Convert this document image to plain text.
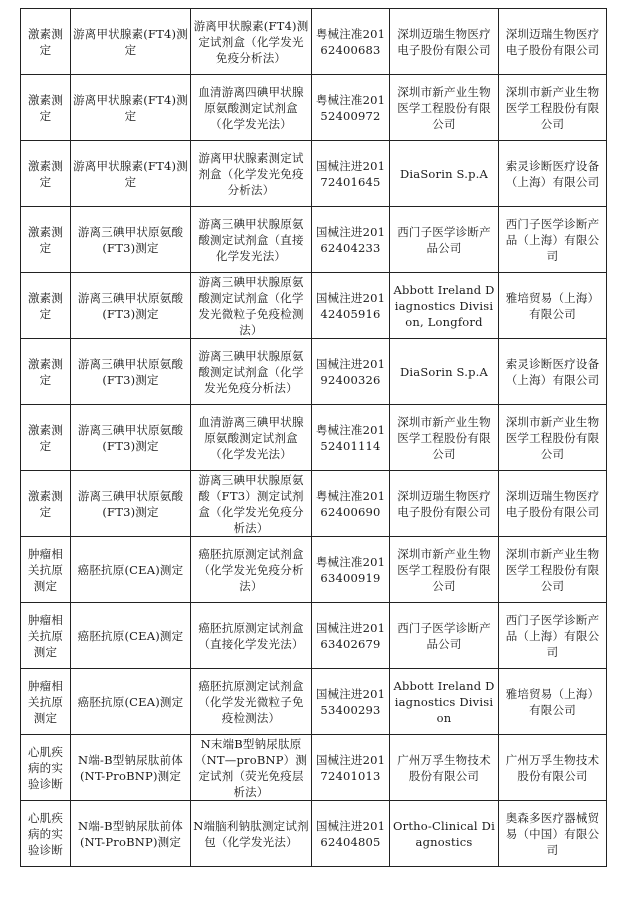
激素测定	游离甲状腺素(FT4)测定	游离甲状腺素(FT4)测定试剂盒（化学发光免疫分析法）	粤械注准20162400683	深圳迈瑞生物医疗电子股份有限公司	深圳迈瑞生物医疗电子股份有限公司
激素测定	游离甲状腺素(FT4)测定	血清游离四碘甲状腺原氨酸测定试剂盒（化学发光法）	粤械注准20152400972	深圳市新产业生物医学工程股份有限公司	深圳市新产业生物医学工程股份有限公司
激素测定	游离甲状腺素(FT4)测定	游离甲状腺素测定试剂盒（化学发光免疫分析法）	国械注进20172401645	DiaSorin S.p.A	索灵诊断医疗设备（上海）有限公司
激素测定	游离三碘甲状原氨酸(FT3)测定	游离三碘甲状腺原氨酸测定试剂盒（直接化学发光法）	国械注进20162404233	西门子医学诊断产品公司	西门子医学诊断产品（上海）有限公司
激素测定	游离三碘甲状原氨酸(FT3)测定	游离三碘甲状腺原氨酸测定试剂盒（化学发光微粒子免疫检测法）	国械注进20142405916	Abbott Ireland Diagnostics Division, Longford	雅培贸易（上海）有限公司
激素测定	游离三碘甲状原氨酸(FT3)测定	游离三碘甲状腺原氨酸测定试剂盒（化学发光免疫分析法）	国械注进20192400326	DiaSorin S.p.A	索灵诊断医疗设备（上海）有限公司
激素测定	游离三碘甲状原氨酸(FT3)测定	血清游离三碘甲状腺原氨酸测定试剂盒（化学发光法）	粤械注准20152401114	深圳市新产业生物医学工程股份有限公司	深圳市新产业生物医学工程股份有限公司
激素测定	游离三碘甲状原氨酸(FT3)测定	游离三碘甲状腺原氨酸（FT3）测定试剂盒（化学发光免疫分析法）	粤械注准20162400690	深圳迈瑞生物医疗电子股份有限公司	深圳迈瑞生物医疗电子股份有限公司
肿瘤相关抗原测定	癌胚抗原(CEA)测定	癌胚抗原测定试剂盒（化学发光免疫分析法）	粤械注准20163400919	深圳市新产业生物医学工程股份有限公司	深圳市新产业生物医学工程股份有限公司
肿瘤相关抗原测定	癌胚抗原(CEA)测定	癌胚抗原测定试剂盒（直接化学发光法）	国械注进20163402679	西门子医学诊断产品公司	西门子医学诊断产品（上海）有限公司
肿瘤相关抗原测定	癌胚抗原(CEA)测定	癌胚抗原测定试剂盒（化学发光微粒子免疫检测法）	国械注进20153400293	Abbott Ireland Diagnostics Division	雅培贸易（上海）有限公司
心肌疾病的实验诊断	N端-B型钠尿肽前体(NT-ProBNP)测定	N末端B型钠尿肽原（NT—proBNP）测定试剂（荧光免疫层析法）	国械注进20172401013	广州万孚生物技术股份有限公司	广州万孚生物技术股份有限公司
心肌疾病的实验诊断	N端-B型钠尿肽前体(NT-ProBNP)测定	N端脑利钠肽测定试剂包（化学发光法）	国械注进20162404805	Ortho-Clinical Diagnostics	奥森多医疗器械贸易（中国）有限公司
